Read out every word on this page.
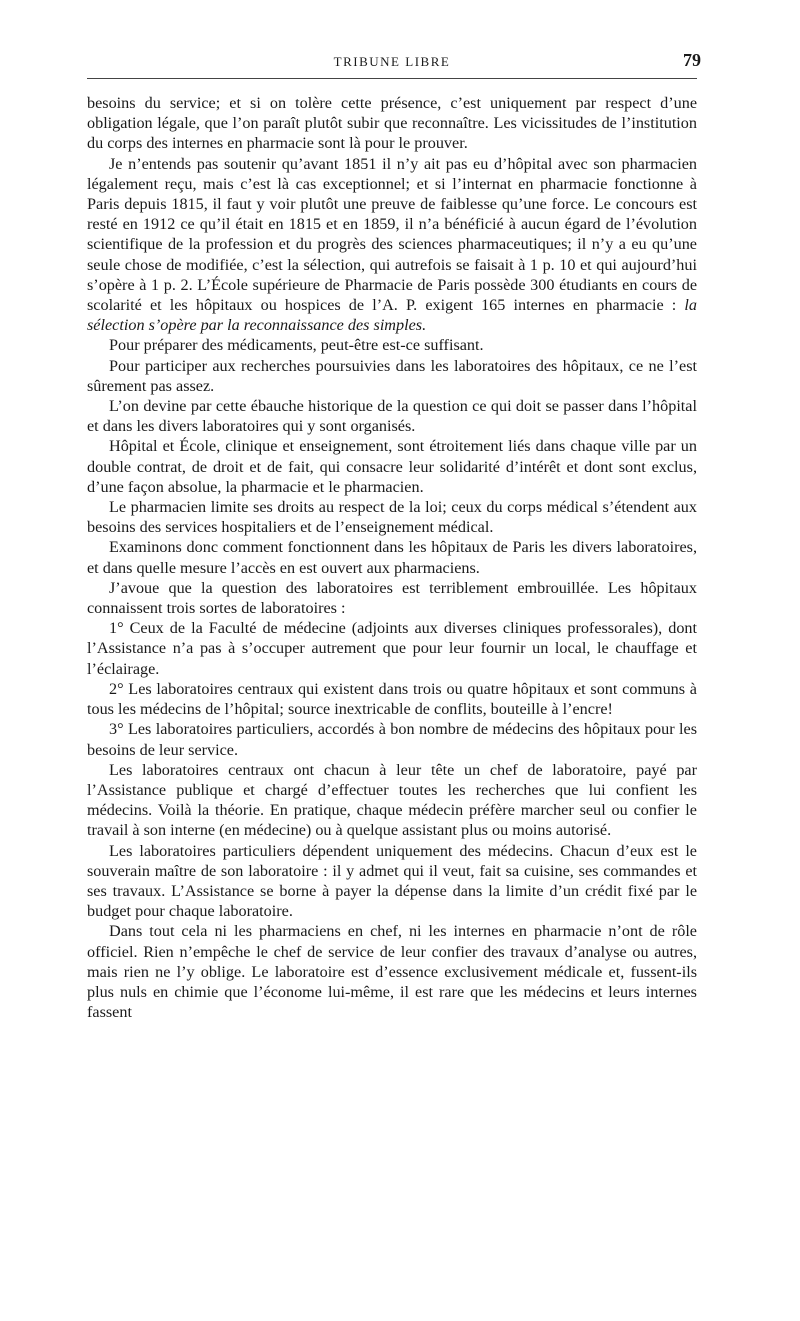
TRIBUNE LIBRE	79

besoins du service; et si on tolère cette présence, c’est uniquement par respect d’une obligation légale, que l’on paraît plutôt subir que reconnaître. Les vicissitudes de l’institution du corps des internes en pharmacie sont là pour le prouver.

Je n’entends pas soutenir qu’avant 1851 il n’y ait pas eu d’hôpital avec son pharmacien légalement reçu, mais c’est là cas exceptionnel; et si l’internat en pharmacie fonctionne à Paris depuis 1815, il faut y voir plutôt une preuve de faiblesse qu’une force. Le concours est resté en 1912 ce qu’il était en 1815 et en 1859, il n’a bénéficié à aucun égard de l’évolution scientifique de la profession et du progrès des sciences pharmaceutiques; il n’y a eu qu’une seule chose de modifiée, c’est la sélection, qui autrefois se faisait à 1 p. 10 et qui aujourd’hui s’opère à 1 p. 2. L’École supérieure de Pharmacie de Paris possède 300 étudiants en cours de scolarité et les hôpitaux ou hospices de l’A. P. exigent 165 internes en pharmacie : la sélection s’opère par la reconnaissance des simples.

Pour préparer des médicaments, peut-être est-ce suffisant.

Pour participer aux recherches poursuivies dans les laboratoires des hôpitaux, ce ne l’est sûrement pas assez.

L’on devine par cette ébauche historique de la question ce qui doit se passer dans l’hôpital et dans les divers laboratoires qui y sont organisés.

Hôpital et École, clinique et enseignement, sont étroitement liés dans chaque ville par un double contrat, de droit et de fait, qui consacre leur solidarité d’intérêt et dont sont exclus, d’une façon absolue, la pharmacie et le pharmacien.

Le pharmacien limite ses droits au respect de la loi; ceux du corps médical s’étendent aux besoins des services hospitaliers et de l’enseignement médical.

Examinons donc comment fonctionnent dans les hôpitaux de Paris les divers laboratoires, et dans quelle mesure l’accès en est ouvert aux pharmaciens.

J’avoue que la question des laboratoires est terriblement embrouillée. Les hôpitaux connaissent trois sortes de laboratoires :

1° Ceux de la Faculté de médecine (adjoints aux diverses cliniques professorales), dont l’Assistance n’a pas à s’occuper autrement que pour leur fournir un local, le chauffage et l’éclairage.

2° Les laboratoires centraux qui existent dans trois ou quatre hôpitaux et sont communs à tous les médecins de l’hôpital; source inextricable de conflits, bouteille à l’encre!

3° Les laboratoires particuliers, accordés à bon nombre de médecins des hôpitaux pour les besoins de leur service.

Les laboratoires centraux ont chacun à leur tête un chef de laboratoire, payé par l’Assistance publique et chargé d’effectuer toutes les recherches que lui confient les médecins. Voilà la théorie. En pratique, chaque médecin préfère marcher seul ou confier le travail à son interne (en médecine) ou à quelque assistant plus ou moins autorisé.

Les laboratoires particuliers dépendent uniquement des médecins. Chacun d’eux est le souverain maître de son laboratoire : il y admet qui il veut, fait sa cuisine, ses commandes et ses travaux. L’Assistance se borne à payer la dépense dans la limite d’un crédit fixé par le budget pour chaque laboratoire.

Dans tout cela ni les pharmaciens en chef, ni les internes en pharmacie n’ont de rôle officiel. Rien n’empêche le chef de service de leur confier des travaux d’analyse ou autres, mais rien ne l’y oblige. Le laboratoire est d’essence exclusivement médicale et, fussent-ils plus nuls en chimie que l’économe lui-même, il est rare que les médecins et leurs internes fassent
